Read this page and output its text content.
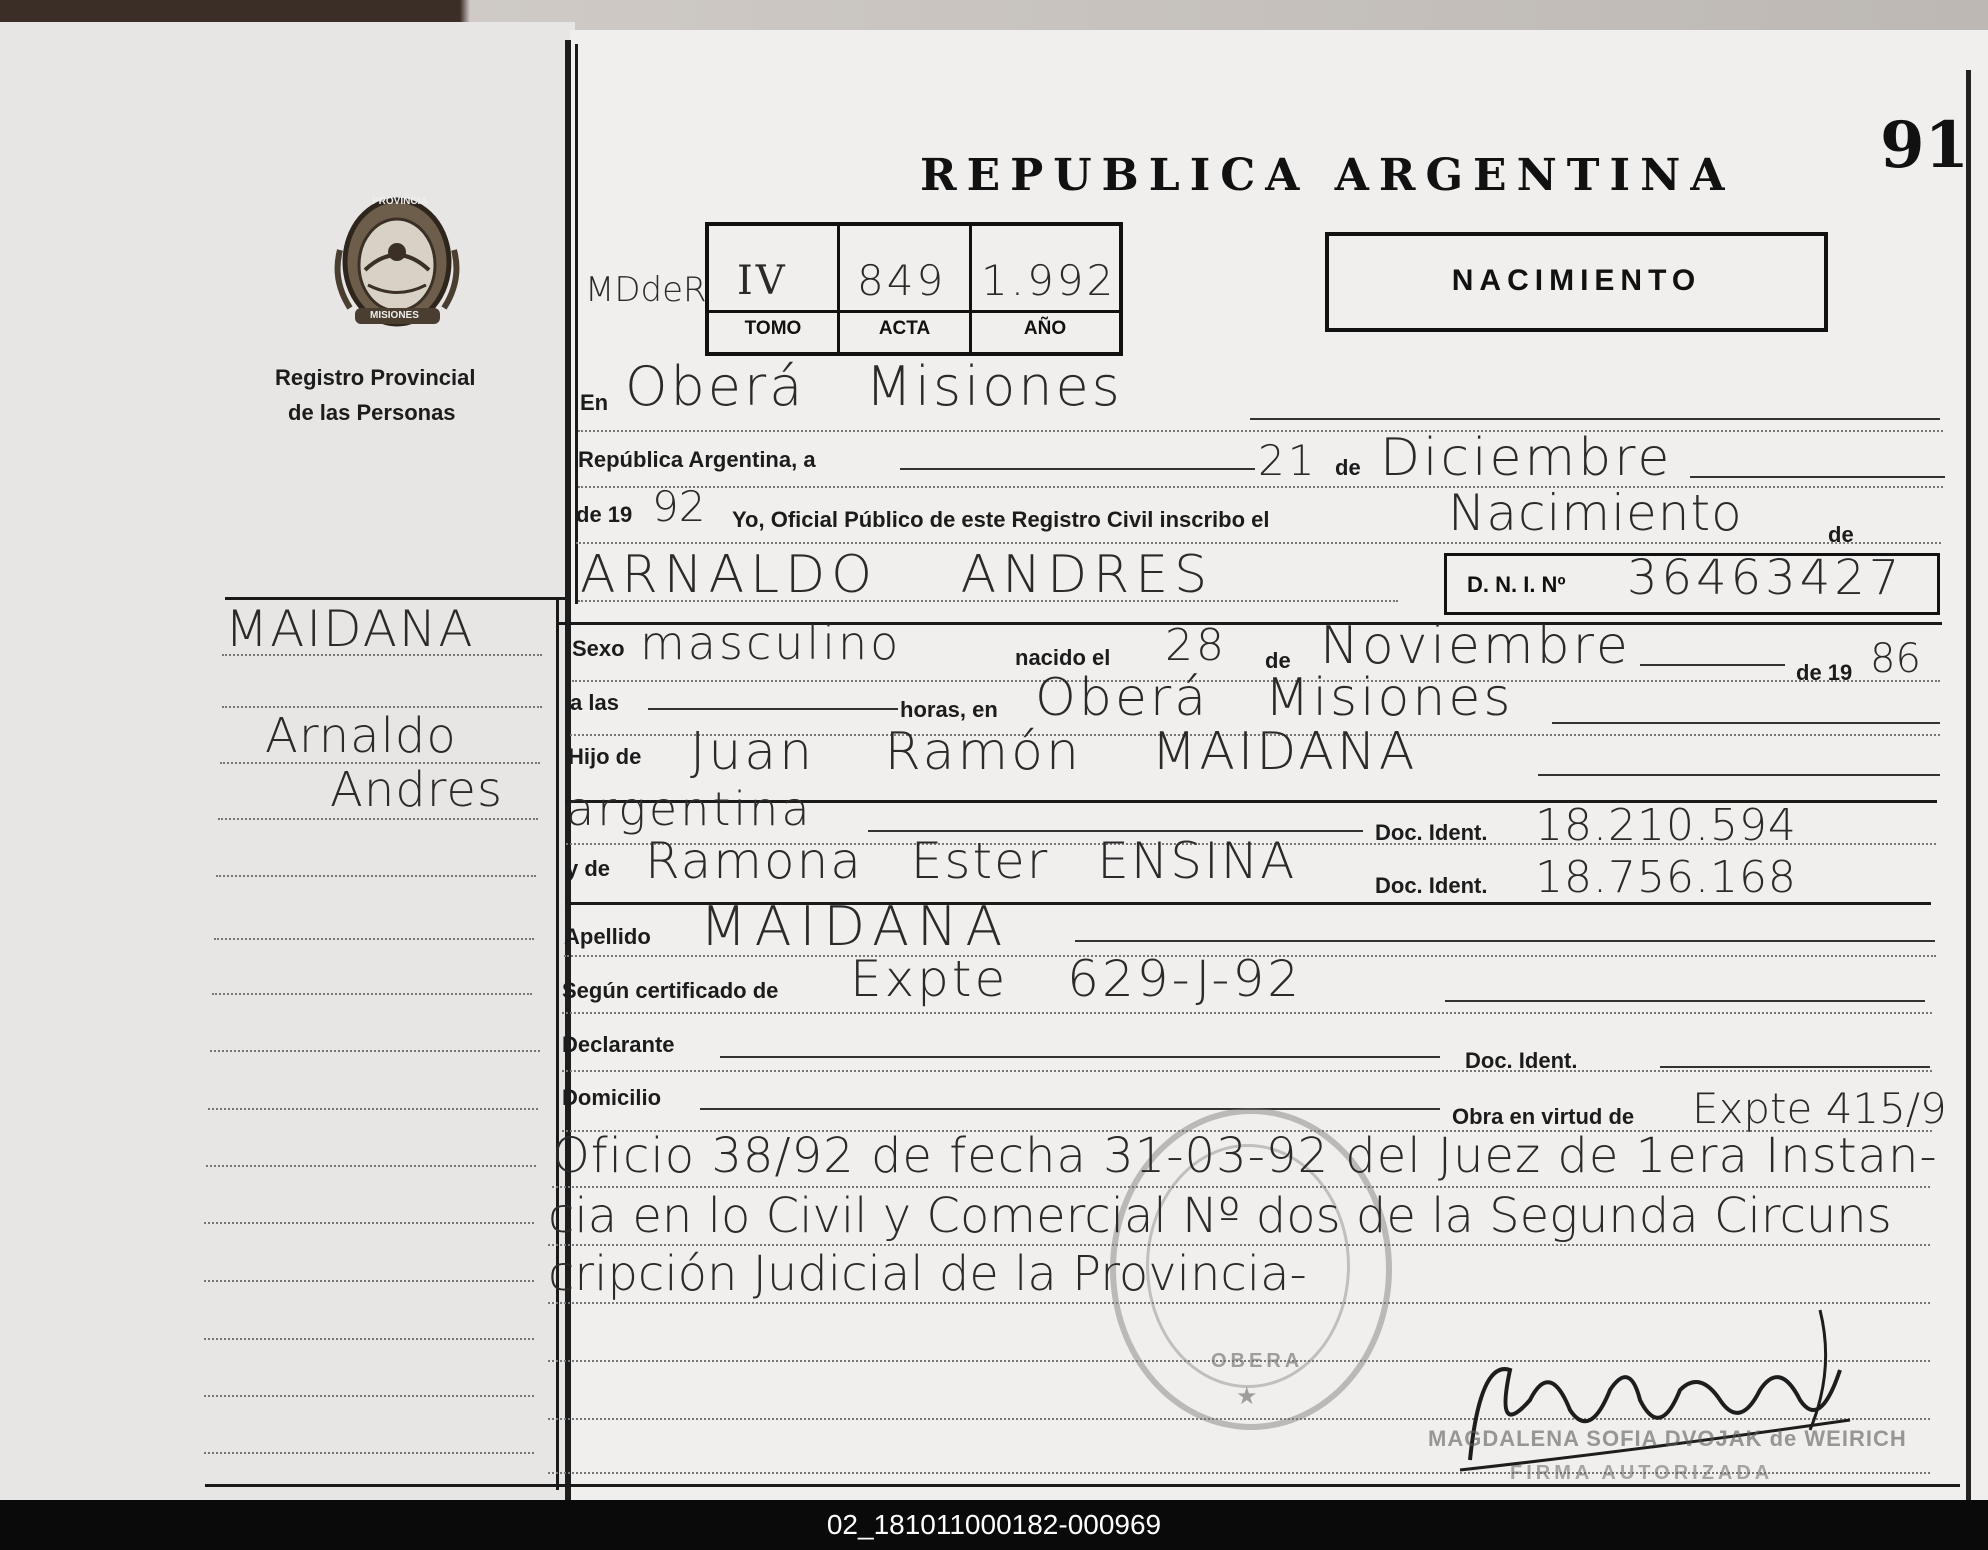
PROVINCIA
MISIONES
Registro Provincial
de las Personas
MAIDANA
Arnaldo
Andres
REPUBLICA ARGENTINA 91
MDdeR IV 849 1.992
TOMO	ACTA	AÑO
NACIMIENTO
En Oberá Misiones
República Argentina, a	21 de Diciembre
de 19 92 Yo, Oficial Público de este Registro Civil inscribo el	Nacimiento	de
ARNALDO ANDRES	D. N. I. Nº 36463427
Sexo masculino	nacido el 28 de Noviembre	de 19 86
a las	horas, en Oberá Misiones
Hijo de Juan Ramón MAIDANA
argentina	Doc. Ident. 18.210.594
y de Ramona Ester ENSINA	Doc. Ident. 18.756.168
Apellido MAIDANA
Según certificado de Expte 629-J-92
Declarante
Doc. Ident.
Domicilio
Obra en virtud de Expte 415/9
OBERA
★
Oficio 38/92 de fecha 31-03-92 del Juez de 1era Instan-
cia en lo Civil y Comercial Nº dos de la Segunda Circuns
cripción Judicial de la Provincia-
MAGDALENA SOFIA DVOJAK de WEIRICH
FIRMA AUTORIZADA
02_181011000182-000969
